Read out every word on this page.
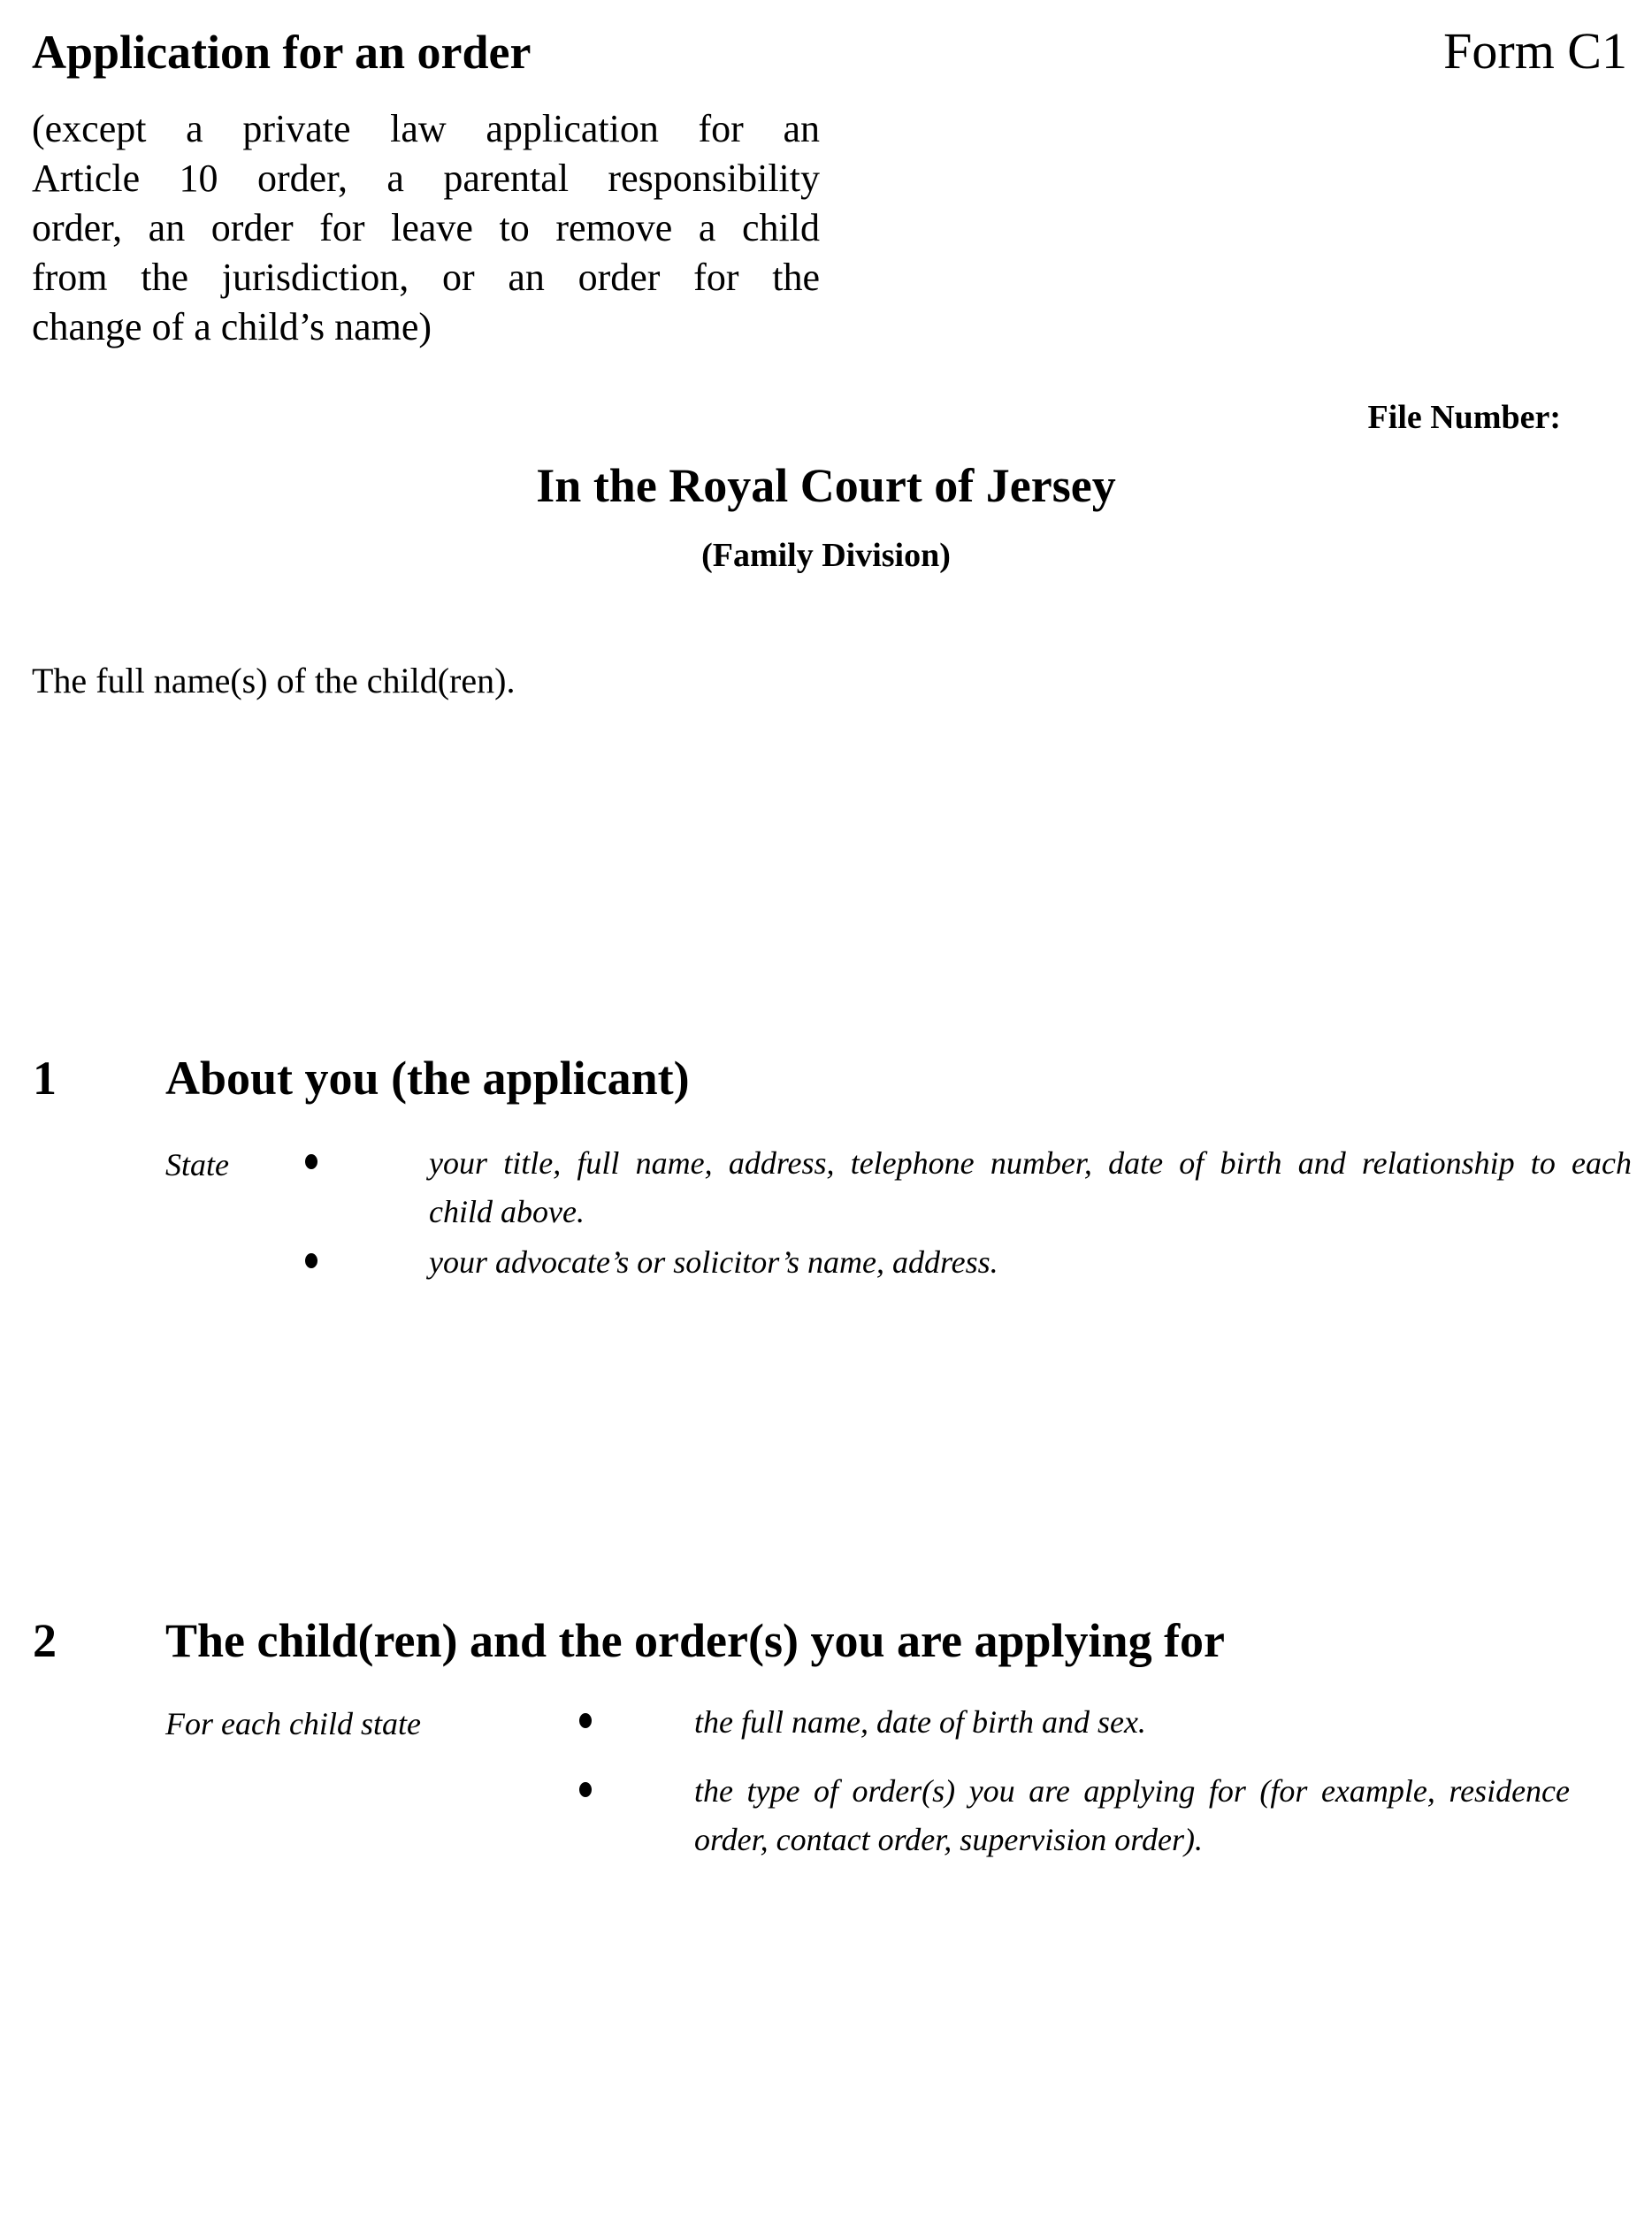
Application for an order	Form C1
(except a private law application for an
Article 10 order, a parental responsibility
order, an order for leave to remove a child
from the jurisdiction, or an order for the
change of a child’s name)
File Number:
In the Royal Court of Jersey
(Family Division)
The full name(s) of the child(ren).
1 About you (the applicant)
State	your title, full name, address, telephone number, date of birth and relationship to each
child above.
your advocate’s or solicitor’s name, address.
2 The child(ren) and the order(s) you are applying for
For each child state	the full name, date of birth and sex.
the type of order(s) you are applying for (for example, residence
order, contact order, supervision order).
